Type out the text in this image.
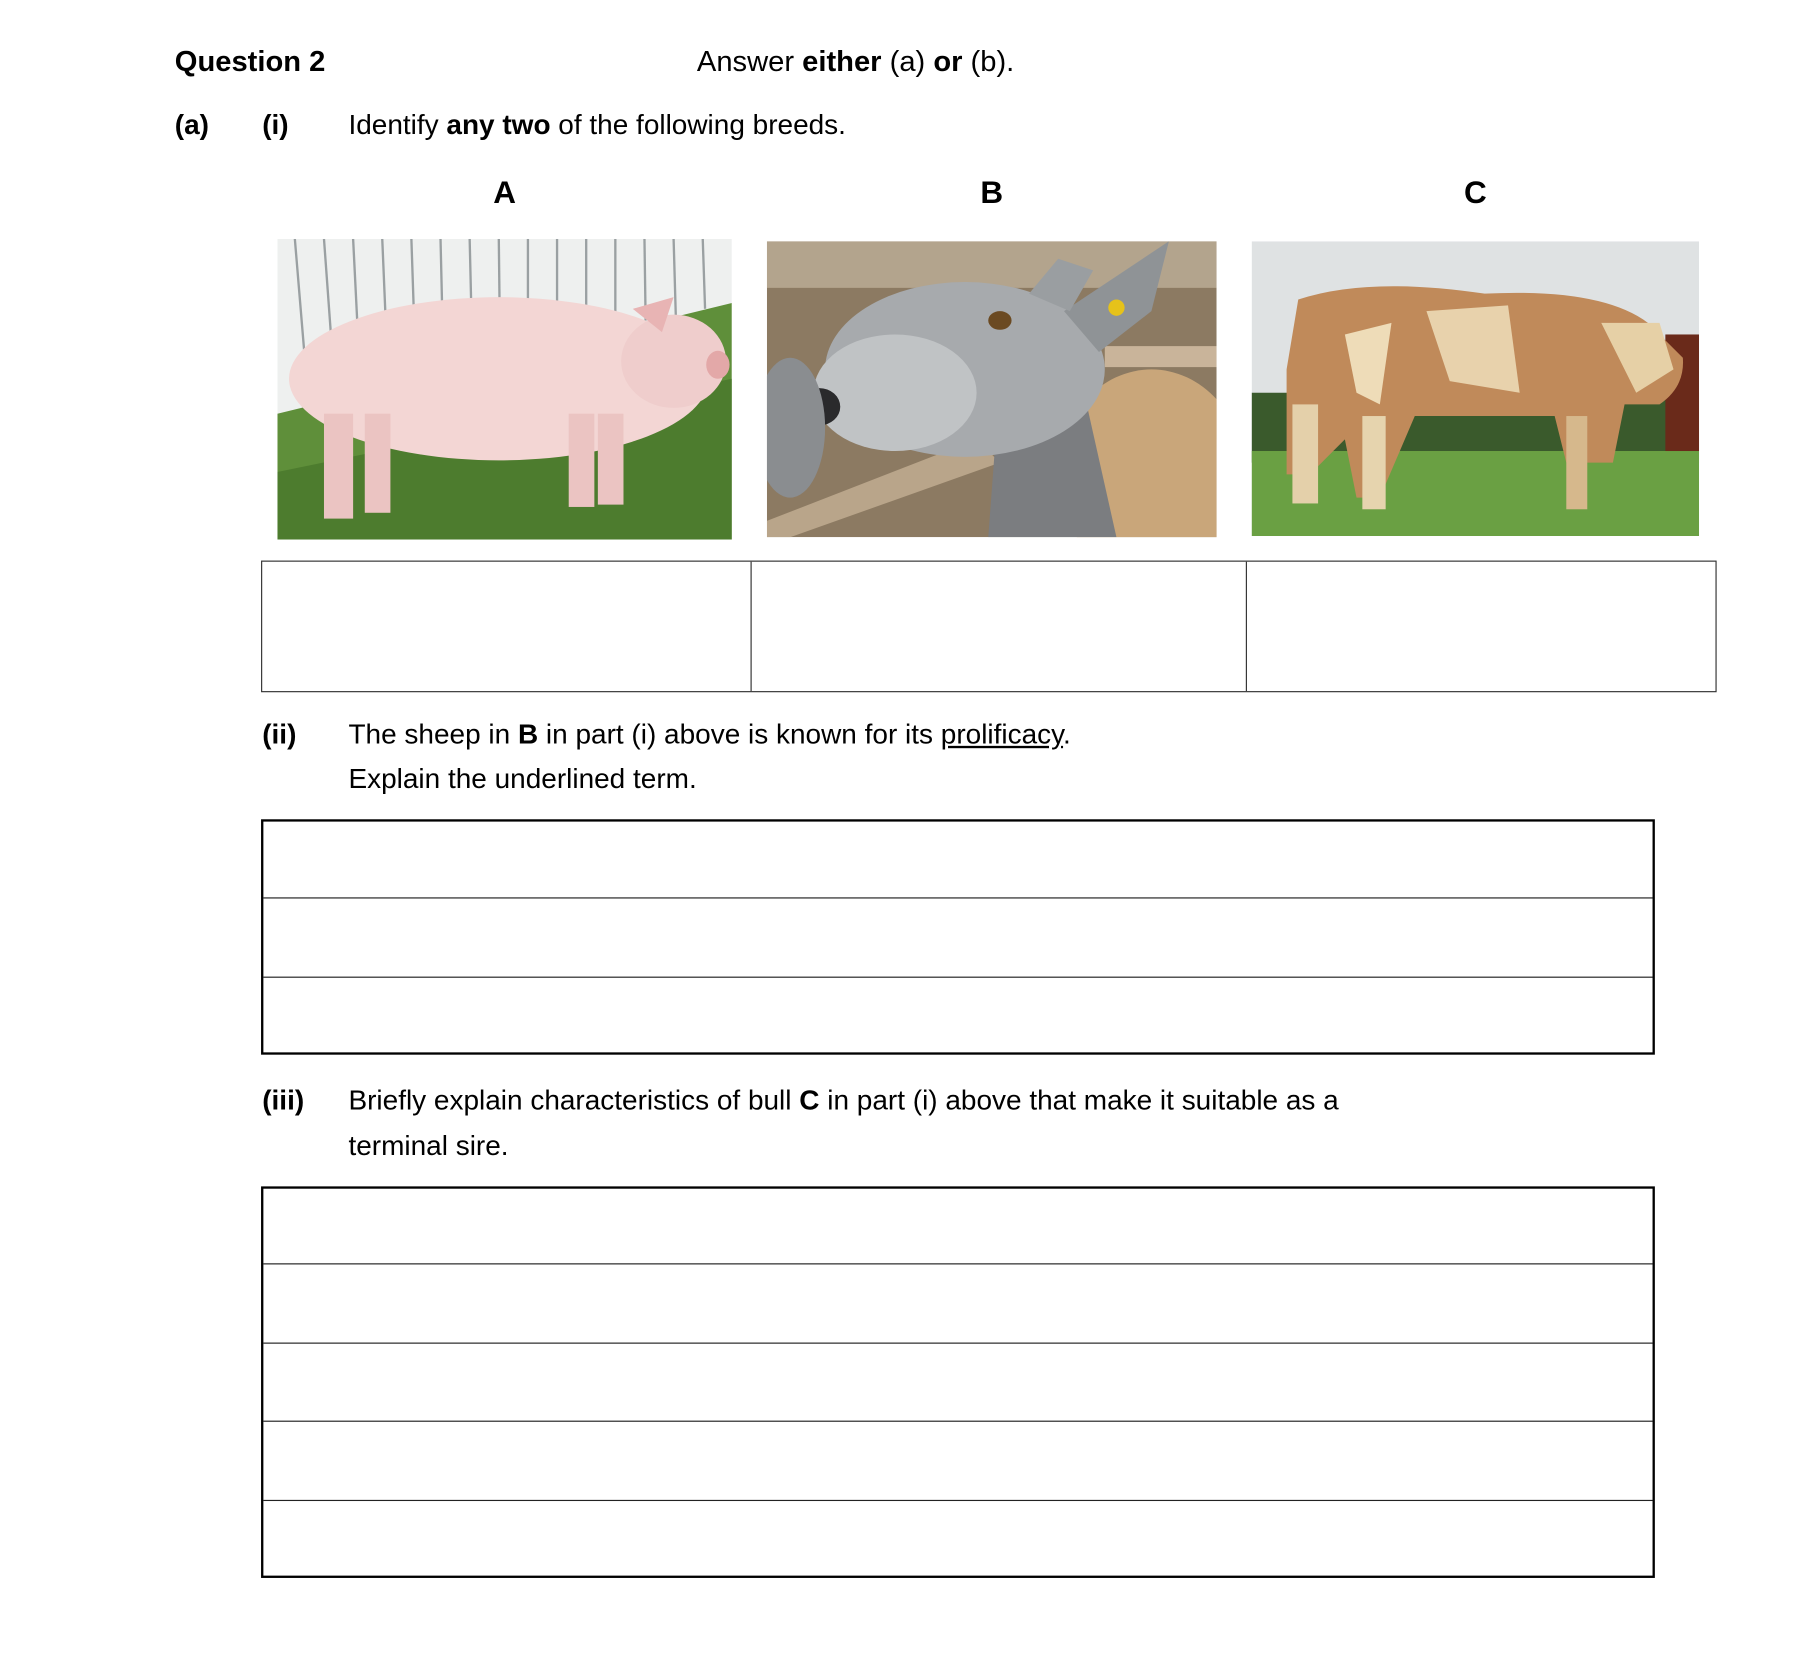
Question 2	Answer either (a) or (b).
(a) (i) Identify any two of the following breeds.
A	B	C
(ii) The sheep in B in part (i) above is known for its prolificacy.
Explain the underlined term.
(iii) Briefly explain characteristics of bull C in part (i) above that make it suitable as a
terminal sire.
